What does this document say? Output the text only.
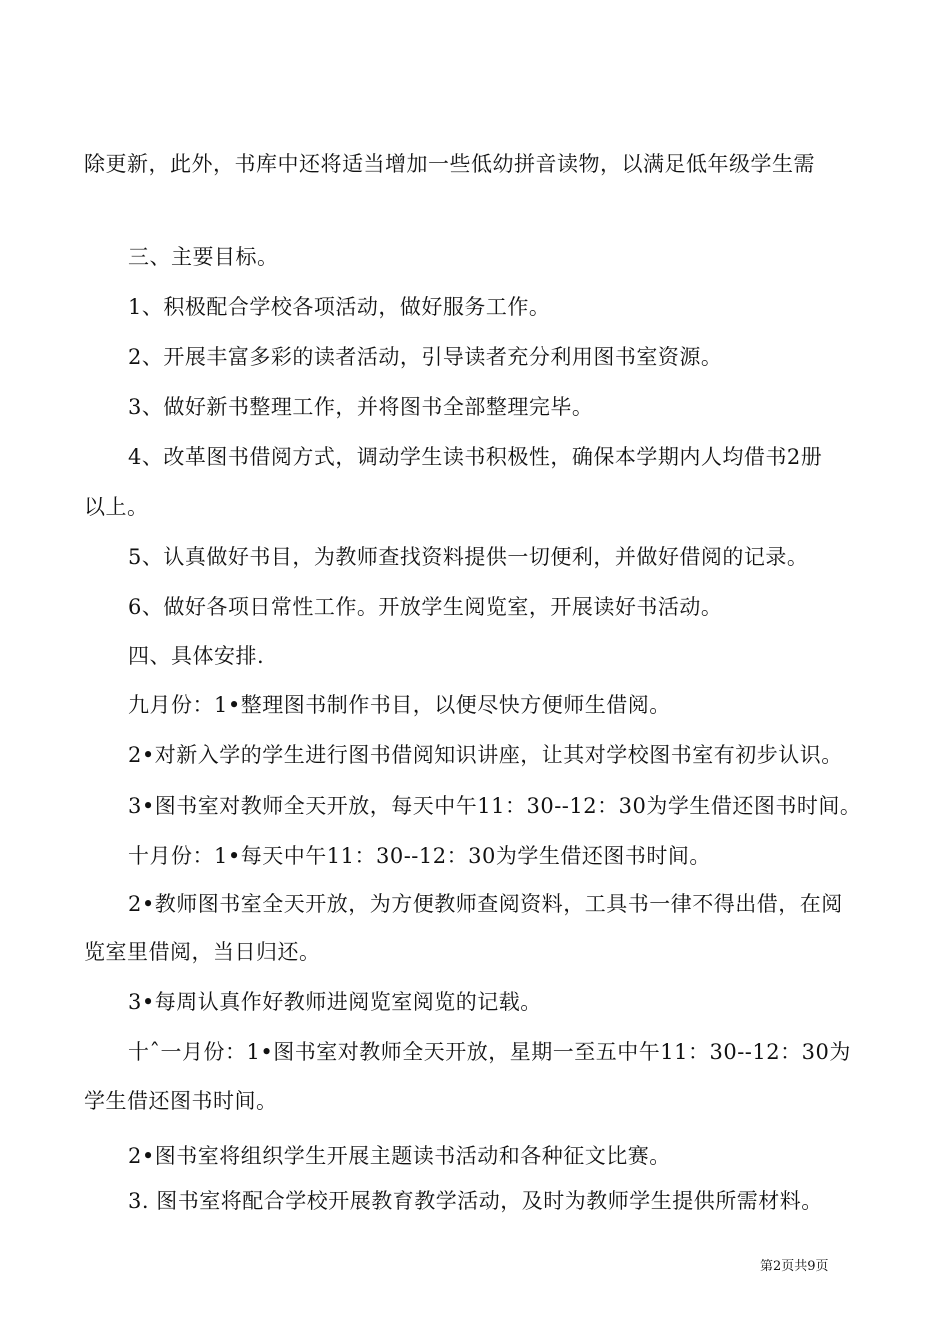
除更新，此外，书库中还将适当增加一些低幼拼音读物，以满足低年级学生需

三、主要目标。

1、积极配合学校各项活动，做好服务工作。

2、开展丰富多彩的读者活动，引导读者充分利用图书室资源。

3、做好新书整理工作，并将图书全部整理完毕。

4、改革图书借阅方式，调动学生读书积极性，确保本学期内人均借书2册

以上。

5、认真做好书目，为教师查找资料提供一切便利，并做好借阅的记录。

6、做好各项日常性工作。开放学生阅览室，开展读好书活动。

四、具体安排.

九月份：1•整理图书制作书目，以便尽快方便师生借阅。

2•对新入学的学生进行图书借阅知识讲座，让其对学校图书室有初步认识。

3•图书室对教师全天开放，每天中午11：30--12：30为学生借还图书时间。

十月份：1•每天中午11：30--12：30为学生借还图书时间。

2•教师图书室全天开放，为方便教师查阅资料，工具书一律不得出借，在阅

览室里借阅，当日归还。

3•每周认真作好教师进阅览室阅览的记载。

十ˆ一月份：1•图书室对教师全天开放，星期一至五中午11：30--12：30为

学生借还图书时间。

2•图书室将组织学生开展主题读书活动和各种征文比赛。

3. 图书室将配合学校开展教育教学活动，及时为教师学生提供所需材料。

第2页共9页
